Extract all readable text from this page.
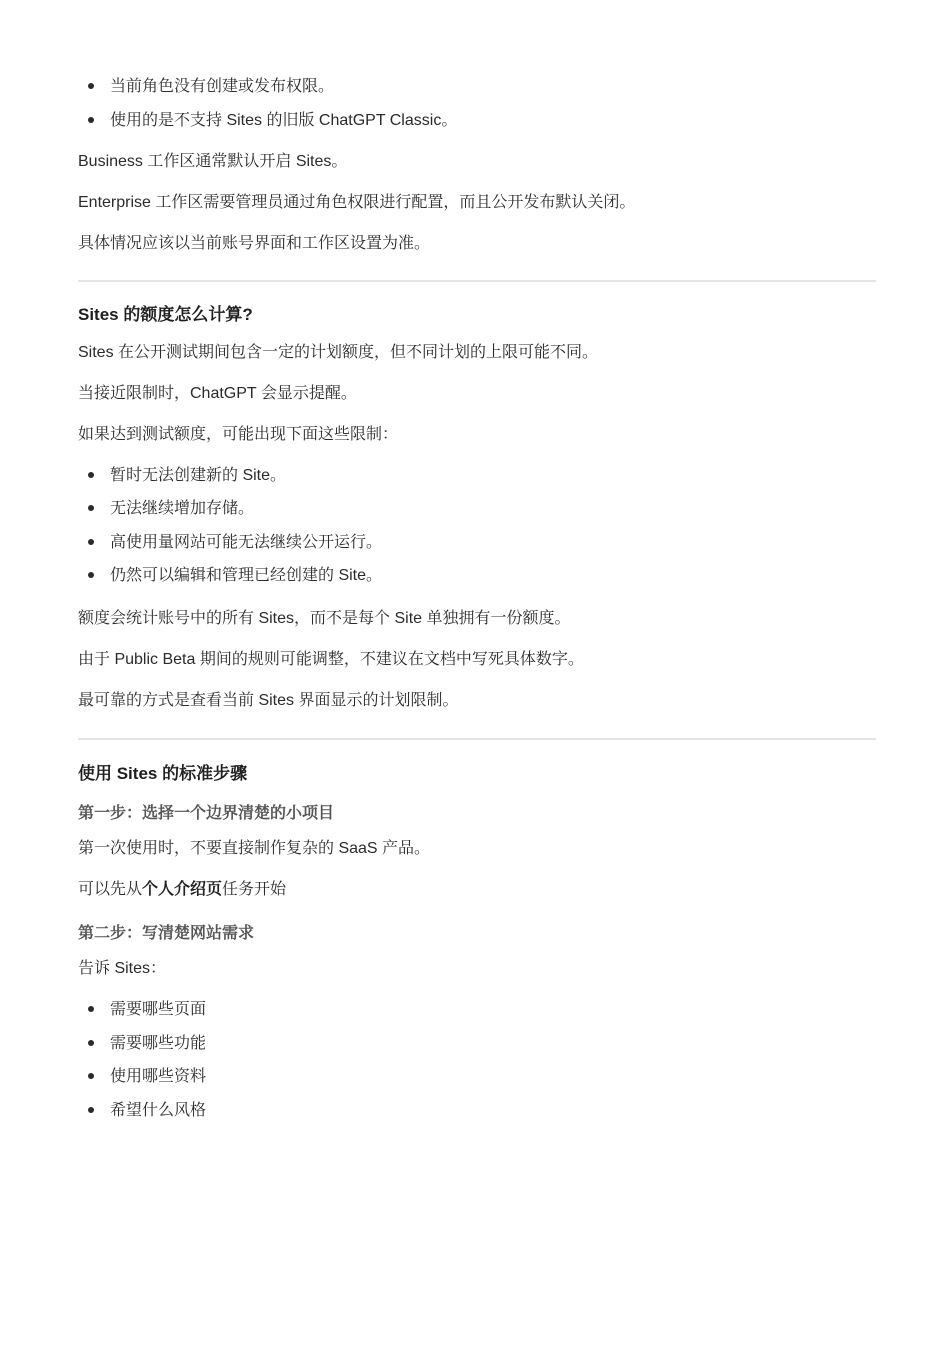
当前角色没有创建或发布权限。
使用的是不支持 Sites 的旧版 ChatGPT Classic。

Business 工作区通常默认开启 Sites。

Enterprise 工作区需要管理员通过角色权限进行配置，而且公开发布默认关闭。

具体情况应该以当前账号界面和工作区设置为准。

Sites 的额度怎么计算?

Sites 在公开测试期间包含一定的计划额度，但不同计划的上限可能不同。

当接近限制时，ChatGPT 会显示提醒。

如果达到测试额度，可能出现下面这些限制：

暂时无法创建新的 Site。
无法继续增加存储。
高使用量网站可能无法继续公开运行。
仍然可以编辑和管理已经创建的 Site。

额度会统计账号中的所有 Sites，而不是每个 Site 单独拥有一份额度。

由于 Public Beta 期间的规则可能调整，不建议在文档中写死具体数字。

最可靠的方式是查看当前 Sites 界面显示的计划限制。

使用 Sites 的标准步骤
第一步：选择一个边界清楚的小项目

第一次使用时，不要直接制作复杂的 SaaS 产品。

可以先从个人介绍页任务开始

第二步：写清楚网站需求

告诉 Sites：

需要哪些页面
需要哪些功能
使用哪些资料
希望什么风格
